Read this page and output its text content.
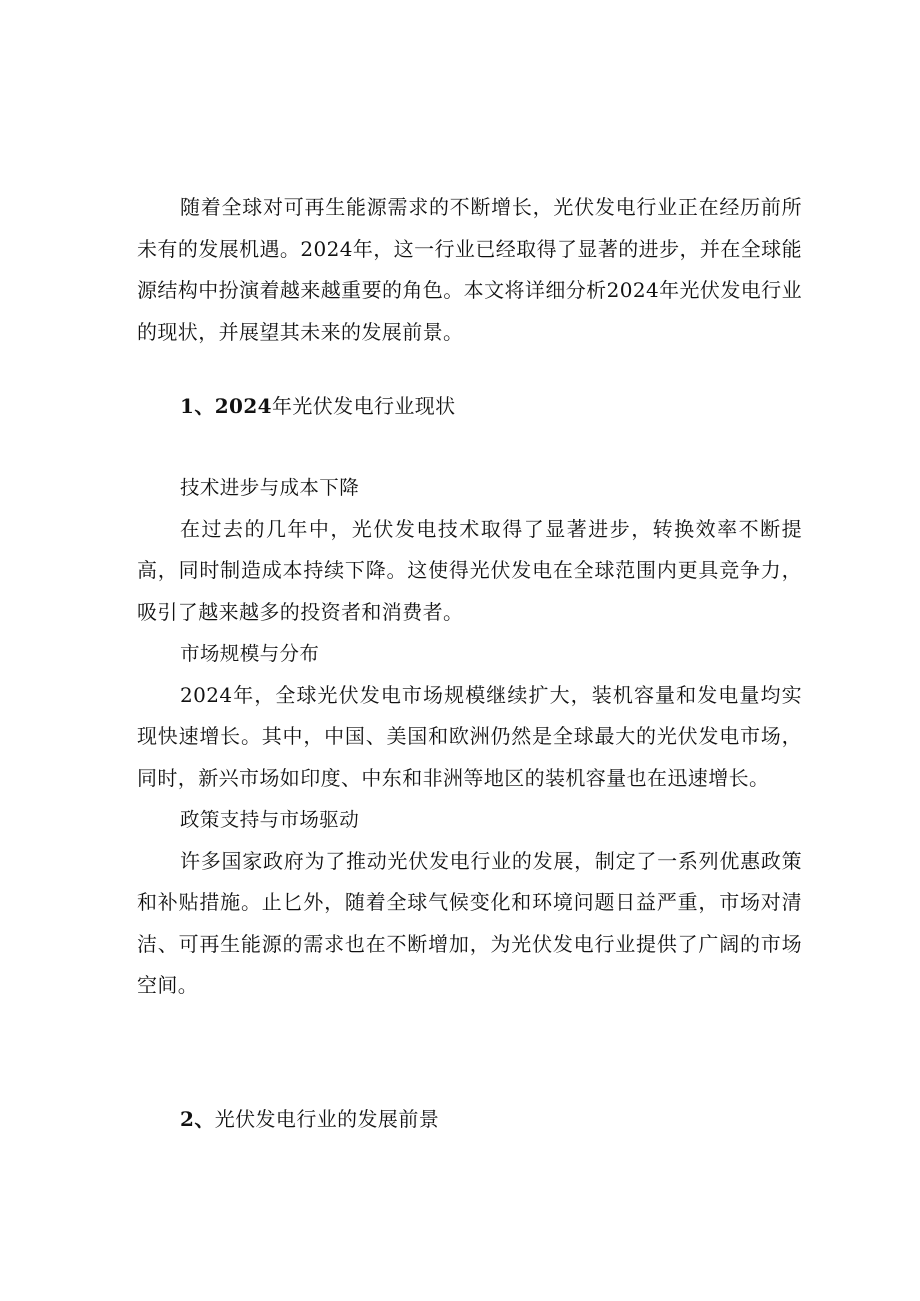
随着全球对可再生能源需求的不断增长，光伏发电行业正在经历前所未有的发展机遇。2024年，这一行业已经取得了显著的进步，并在全球能源结构中扮演着越来越重要的角色。本文将详细分析2024年光伏发电行业的现状，并展望其未来的发展前景。

1、2024年光伏发电行业现状

技术进步与成本下降

在过去的几年中，光伏发电技术取得了显著进步，转换效率不断提高，同时制造成本持续下降。这使得光伏发电在全球范围内更具竞争力，吸引了越来越多的投资者和消费者。

市场规模与分布

2024年，全球光伏发电市场规模继续扩大，装机容量和发电量均实现快速增长。其中，中国、美国和欧洲仍然是全球最大的光伏发电市场，同时，新兴市场如印度、中东和非洲等地区的装机容量也在迅速增长。

政策支持与市场驱动

许多国家政府为了推动光伏发电行业的发展，制定了一系列优惠政策和补贴措施。止匕外，随着全球气候变化和环境问题日益严重，市场对清洁、可再生能源的需求也在不断增加，为光伏发电行业提供了广阔的市场空间。

2、光伏发电行业的发展前景
